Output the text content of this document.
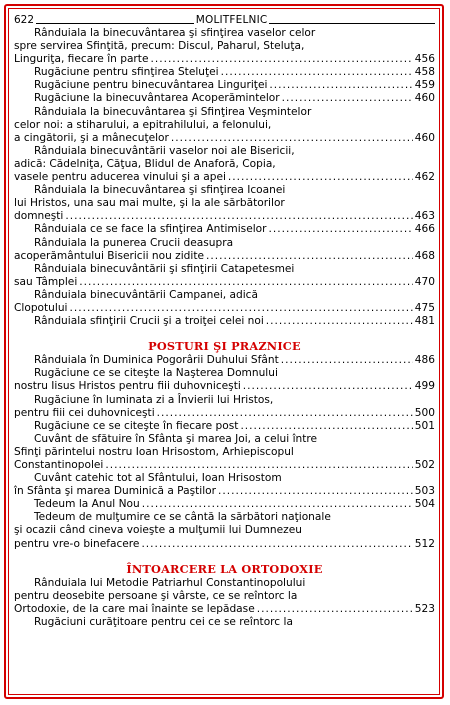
622	MOLITFELNIC
Rânduiala la binecuvântarea şi sfinţirea vaselor celor
spre servirea Sfinţită, precum: Discul, Paharul, Steluţa,
Linguriţa, fiecare în parte .....	456
Rugăciune pentru sfinţirea Steluţei .....	458
Rugăciune pentru binecuvântarea Linguriţei .....	459
Rugăciune la binecuvântarea Acoperămintelor .....	460
Rânduiala la binecuvântarea şi Sfinţirea Veşmintelor
celor noi: a stiharului, a epitrahilului, a felonului,
a cingătorii, şi a mânecuţelor .....	460
Rânduiala binecuvântării vaselor noi ale Bisericii,
adică: Cădelniţa, Căţua, Blidul de Anaforă, Copia,
vasele pentru aducerea vinului şi a apei .....	462
Rânduiala la binecuvântarea şi sfinţirea Icoanei
lui Hristos, una sau mai multe, şi la ale sărbătorilor
domneşti .....	463
Rânduiala ce se face la sfinţirea Antimiselor .....	466
Rânduiala la punerea Crucii deasupra
acoperământului Bisericii nou zidite .....	468
Rânduiala binecuvântării şi sfinţirii Catapetesmei
sau Tâmplei .....	470
Rânduiala binecuvântării Campanei, adică
Clopotului .....	475
Rânduiala sfinţirii Crucii şi a troiţei celei noi .....	481
POSTURI ŞI PRAZNICE
Rânduiala în Duminica Pogorârii Duhului Sfânt .....	486
Rugăciune ce se citeşte la Naşterea Domnului
nostru Iisus Hristos pentru fiii duhovniceşti .....	499
Rugăciune în luminata zi a Învierii lui Hristos,
pentru fiii cei duhovniceşti .....	500
Rugăciune ce se citeşte în fiecare post .....	501
Cuvânt de sfătuire în Sfânta şi marea Joi, a celui între
Sfinţi părintelui nostru Ioan Hrisostom, Arhiepiscopul
Constantinopolei .....	502
Cuvânt catehic tot al Sfântului, Ioan Hrisostom
în Sfânta şi marea Duminică a Paştilor .....	503
Tedeum la Anul Nou .....	504
Tedeum de mulţumire ce se cântă la sărbători naţionale
şi ocazii când cineva voieşte a mulţumii lui Dumnezeu
pentru vre-o binefacere .....	512
ÎNTOARCERE LA ORTODOXIE
Rânduiala lui Metodie Patriarhul Constantinopolului
pentru deosebite persoane şi vârste, ce se reîntorc la
Ortodoxie, de la care mai înainte se lepădase .....	523
Rugăciuni curăţitoare pentru cei ce se reîntorc la
